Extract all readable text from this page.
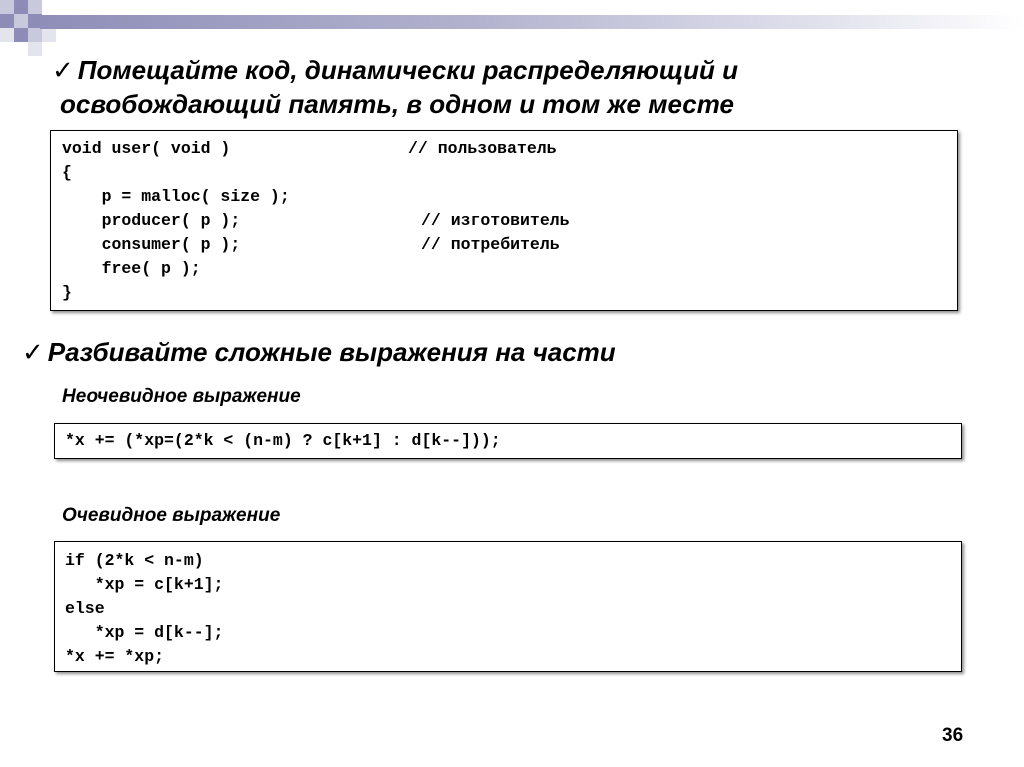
✓ Помещайте код, динамически распределяющий и
освобождающий память, в одном и том же месте
void user( void )	// пользователь
{
p = malloc( size );
producer( p );	// изготовитель
consumer( p );	// потребитель
free( p );
}
✓ Разбивайте сложные выражения на части
Неочевидное выражение
*x += (*xp=(2*k < (n-m) ? c[k+1] : d[k--]));
Очевидное выражение
if (2*k < n-m)
*xp = c[k+1];
else
*xp = d[k--];
*x += *xp;
36
